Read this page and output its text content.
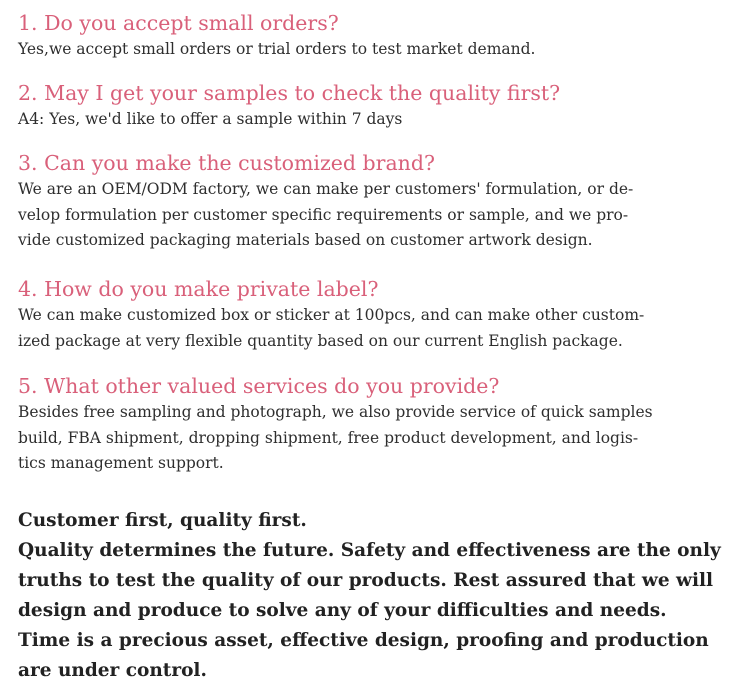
1. Do you accept small orders?
Yes,we accept small orders or trial orders to test market demand.
2. May I get your samples to check the quality first?
A4: Yes, we'd like to offer a sample within 7 days
3. Can you make the customized brand?
We are an OEM/ODM factory, we can make per customers' formulation, or de-
velop formulation per customer specific requirements or sample, and we pro-
vide customized packaging materials based on customer artwork design.
4. How do you make private label?
We can make customized box or sticker at 100pcs, and can make other custom-
ized package at very flexible quantity based on our current English package.
5. What other valued services do you provide?
Besides free sampling and photograph, we also provide service of quick samples
build, FBA shipment, dropping shipment, free product development, and logis-
tics management support.
Customer first, quality first.
Quality determines the future. Safety and effectiveness are the only
truths to test the quality of our products. Rest assured that we will
design and produce to solve any of your difficulties and needs.
Time is a precious asset, effective design, proofing and production
are under control.
